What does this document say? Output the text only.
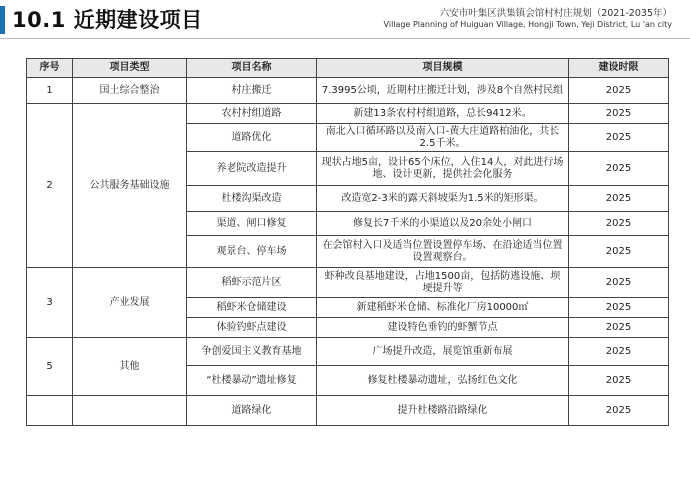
10.1 近期建设项目	六安市叶集区洪集镇会馆村村庄规划（2021-2035年）
Village Planning of Huiguan Village, Hongji Town, Yeji District, Lu 'an city
序号	项目类型	项目名称	项目规模	建设时限
1	国土综合整治	村庄搬迁	7.3995公顷，近期村庄搬迁计划，涉及8个自然村民组	2025
2	公共服务基础设施	农村村组道路	新建13条农村村组道路，总长9412米。	2025
		道路优化	南北入口循环路以及南入口-黄大庄道路柏油化，共长2.5千米。	2025
		养老院改造提升	现状占地5亩，设计65个床位，入住14人，对此进行场地、设计更新，提供社会化服务	2025
		杜楼沟渠改造	改造宽2-3米的露天斜坡渠为1.5米的矩形渠。	2025
		渠道、闸口修复	修复长7千米的小渠道以及20余处小闸口	2025
		观景台、停车场	在会馆村入口及适当位置设置停车场、在沿途适当位置设置观察台。	2025
3	产业发展	稻虾示范片区	虾种改良基地建设，占地1500亩，包括防逃设施、坝埂提升等	2025
		稻虾米仓储建设	新建稻虾米仓储、标准化厂房10000㎡	2025
		体验钓虾点建设	建设特色垂钓的虾蟹节点	2025
5	其他	争创爱国主义教育基地	广场提升改造，展览馆重新布展	2025
		“杜楼暴动”遗址修复	修复杜楼暴动遗址，弘扬红色文化	2025
		道路绿化	提升杜楼路沿路绿化	2025
